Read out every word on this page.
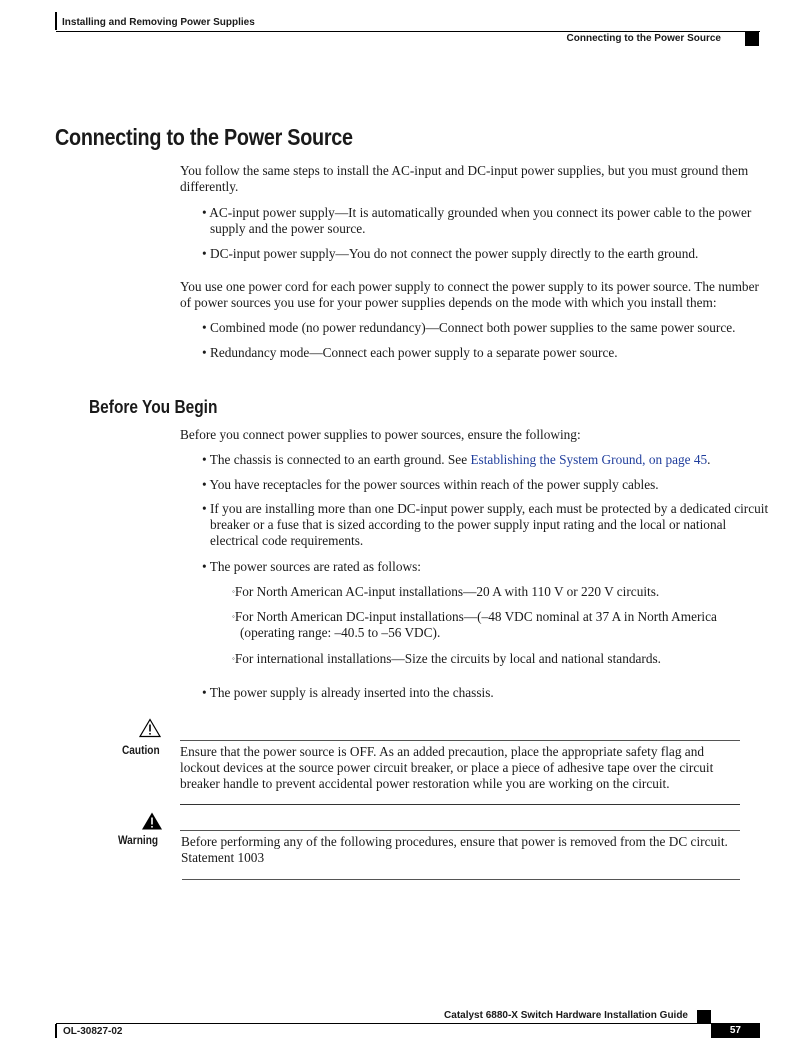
Installing and Removing Power Supplies
Connecting to the Power Source
Connecting to the Power Source
You follow the same steps to install the AC-input and DC-input power supplies, but you must ground them differently.
• AC-input power supply—It is automatically grounded when you connect its power cable to the power supply and the power source.
• DC-input power supply—You do not connect the power supply directly to the earth ground.
You use one power cord for each power supply to connect the power supply to its power source. The number of power sources you use for your power supplies depends on the mode with which you install them:
• Combined mode (no power redundancy)—Connect both power supplies to the same power source.
• Redundancy mode—Connect each power supply to a separate power source.
Before You Begin
Before you connect power supplies to power sources, ensure the following:
• The chassis is connected to an earth ground. See Establishing the System Ground, on page 45.
• You have receptacles for the power sources within reach of the power supply cables.
• If you are installing more than one DC-input power supply, each must be protected by a dedicated circuit breaker or a fuse that is sized according to the power supply input rating and the local or national electrical code requirements.
• The power sources are rated as follows:
◦For North American AC-input installations—20 A with 110 V or 220 V circuits.
◦For North American DC-input installations—(–48 VDC nominal at 37 A in North America (operating range: –40.5 to –56 VDC).
◦For international installations—Size the circuits by local and national standards.
• The power supply is already inserted into the chassis.
Caution Ensure that the power source is OFF. As an added precaution, place the appropriate safety flag and lockout devices at the source power circuit breaker, or place a piece of adhesive tape over the circuit breaker handle to prevent accidental power restoration while you are working on the circuit.
Warning Before performing any of the following procedures, ensure that power is removed from the DC circuit. Statement 1003
Catalyst 6880-X Switch Hardware Installation Guide
OL-30827-02	57
